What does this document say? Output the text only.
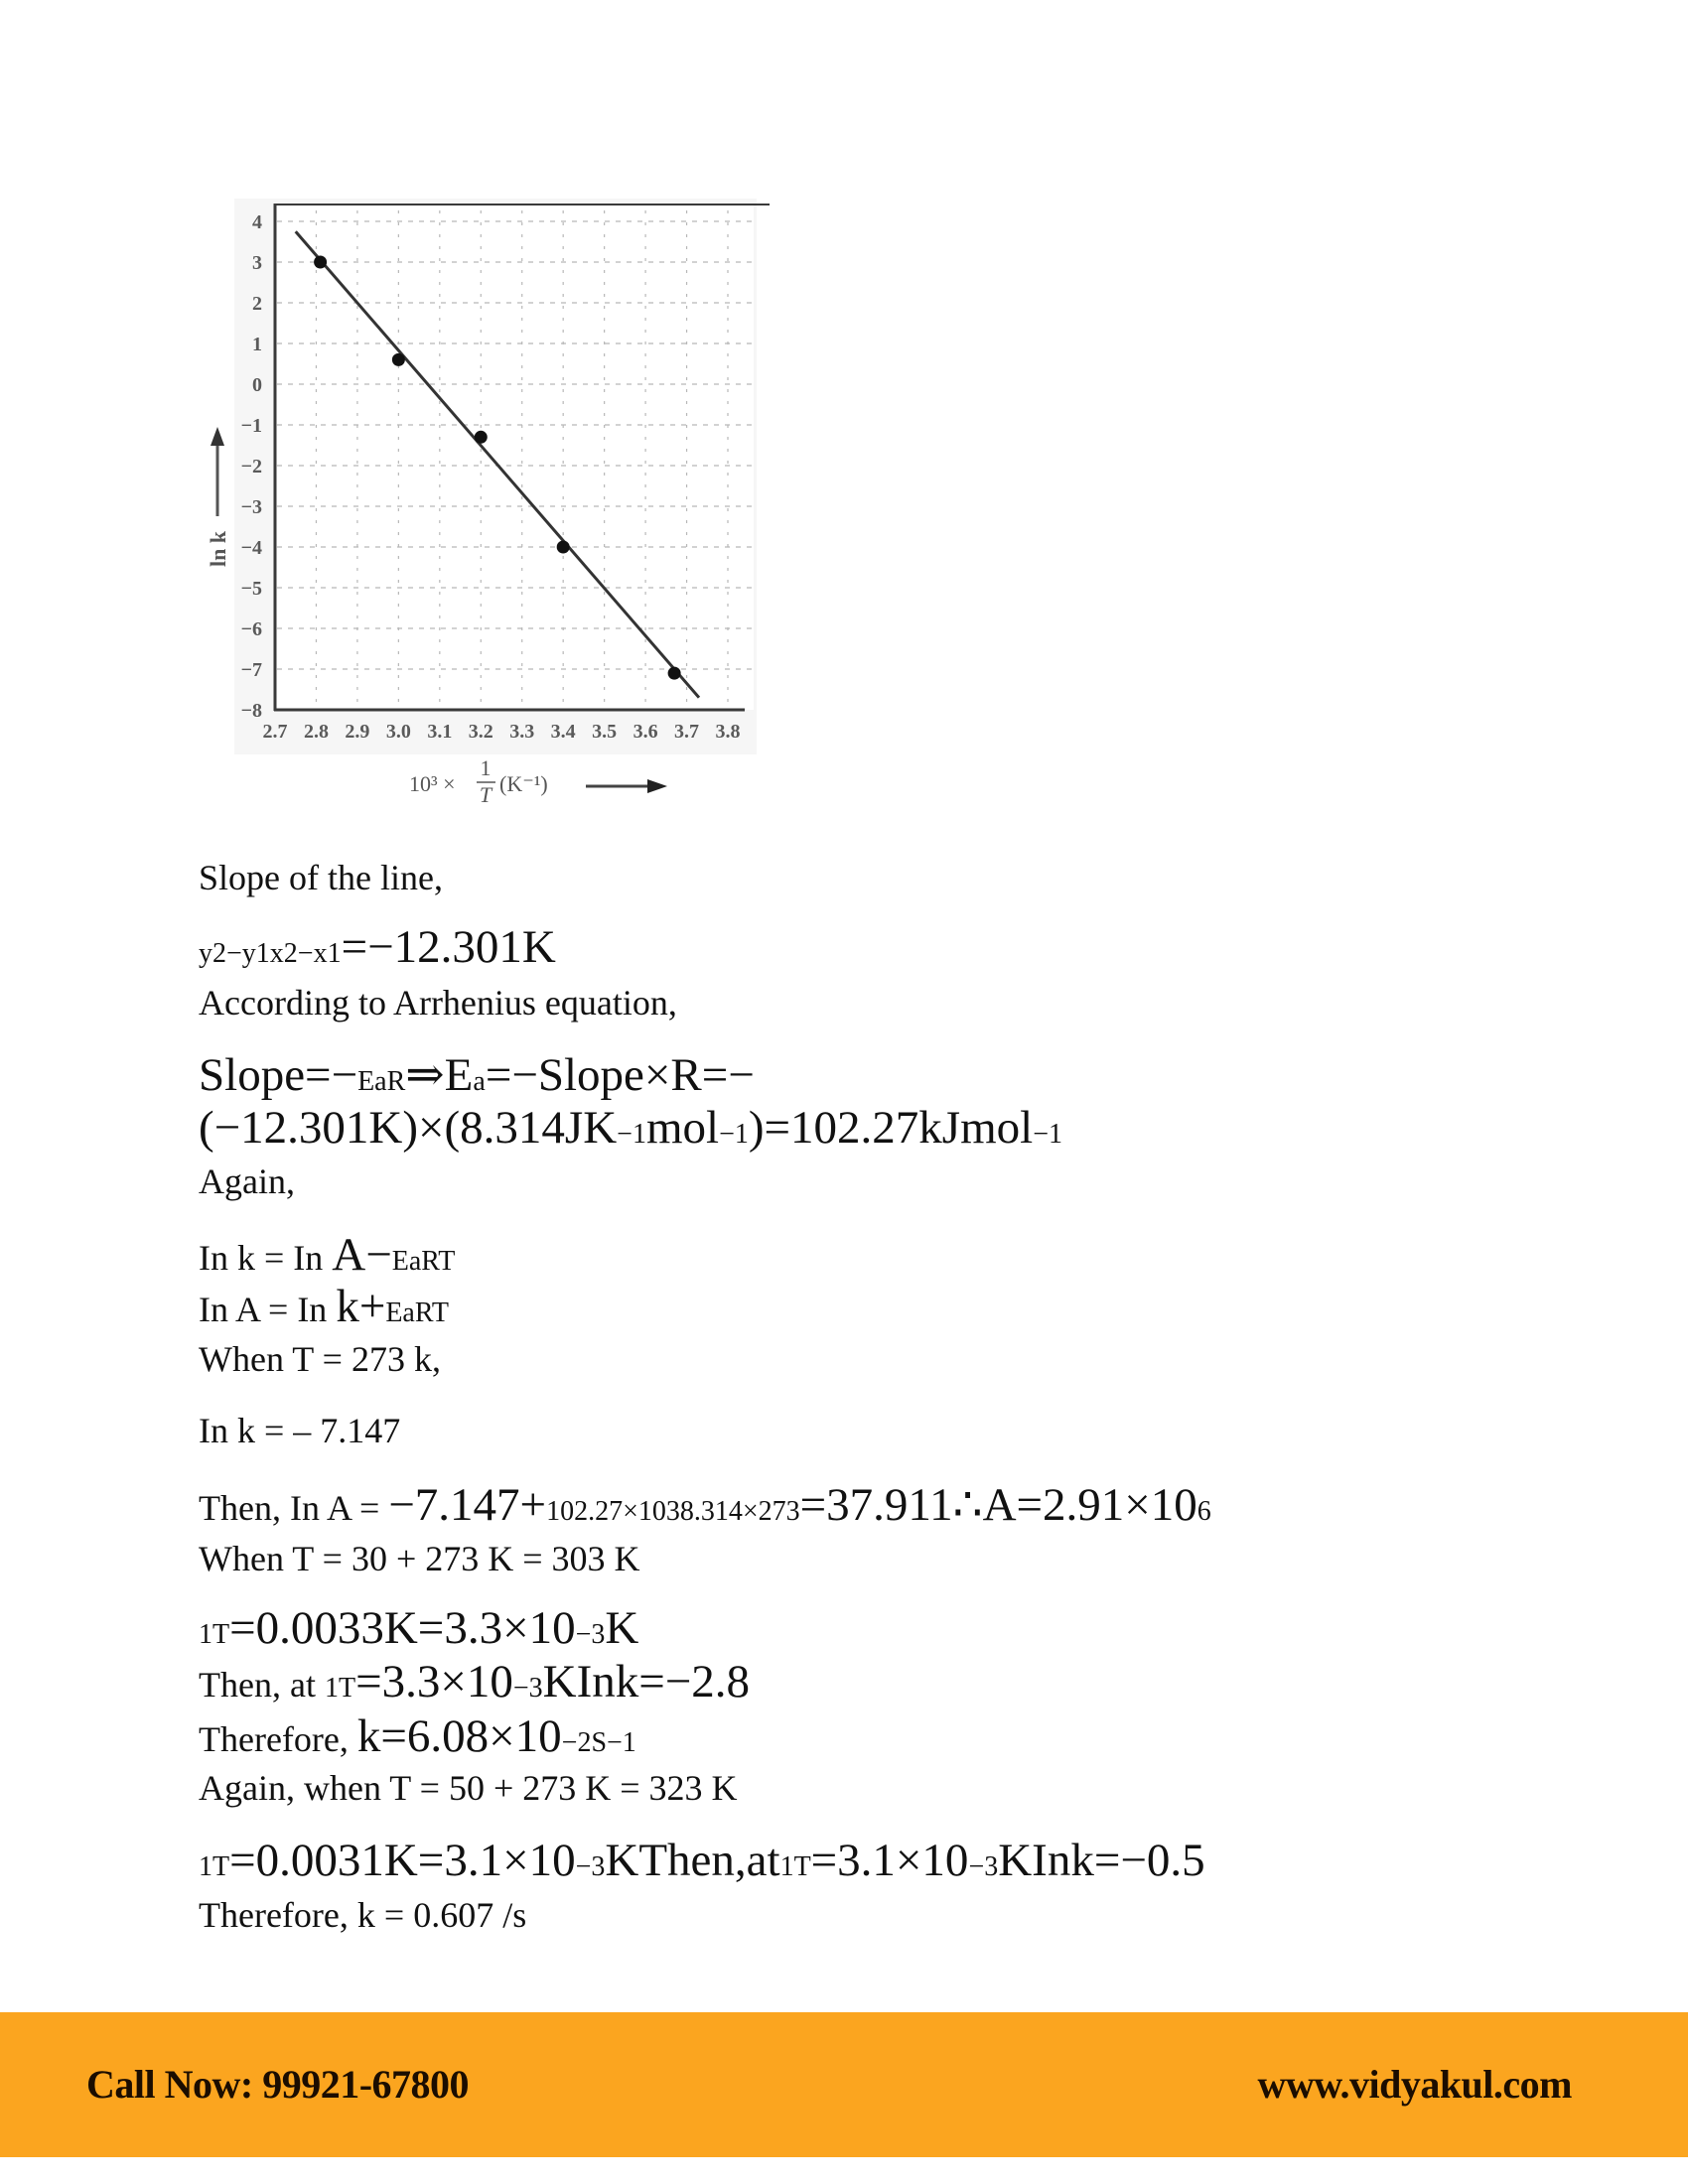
2.7 2.8 2.9 3.0 3.1 3.2 3.3 3.4 3.5 3.6 3.7 3.8
4
3
2
1
0
−1
−2
−3
−4
−5
−6
−7
−8
ln k
10³ ×
1
T (K⁻¹)
Slope of the line,
y2−y1x2−x1=−12.301K
According to Arrhenius equation,
Slope=−EaR⇒Ea=−Slope×R=−
(−12.301K)×(8.314JK−1mol−1)=102.27kJmol−1
Again,
In k = In A−EaRT
In A = In k+EaRT
When T = 273 k,
In k = – 7.147
Then, In A = −7.147+102.27×1038.314×273=37.911∴A=2.91×106
When T = 30 + 273 K = 303 K
1T=0.0033K=3.3×10−3K
Then, at 1T=3.3×10−3KInk=−2.8
Therefore, k=6.08×10−2S−1
Again, when T = 50 + 273 K = 323 K
1T=0.0031K=3.1×10−3KThen,at1T=3.1×10−3KInk=−0.5
Therefore, k = 0.607 /s
Call Now: 99921-67800	www.vidyakul.com
